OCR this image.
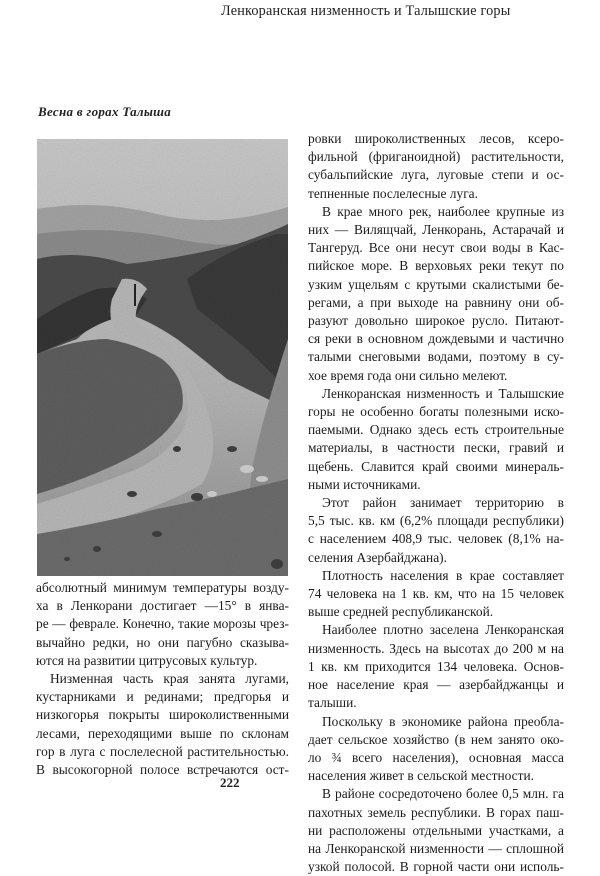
Ленкоранская низменность и Талышские горы
Весна в горах Талыша

абсолютный минимум температуры возду-
ха в Ленкорани достигает —15° в янва-
ре — феврале. Конечно, такие морозы чрез-
вычайно редки, но они пагубно сказыва-
ются на развитии цитрусовых культур.

Низменная часть края занята лугами,
кустарниками и рединами; предгорья и
низкогорья покрыты широколиственными
лесами, переходящими выше по склонам
гор в луга с послелесной растительностью.
В высокогорной полосе встречаются ост-

ровки широколиственных лесов, ксеро-
фильной (фриганоидной) растительности,
субальпийские луга, луговые степи и ос-
тепненные послелесные луга.

В крае много рек, наиболее крупные из
них — Вилящчай, Ленкорань, Астарачай и
Тангеруд. Все они несут свои воды в Кас-
пийское море. В верховьях реки текут по
узким ущельям с крутыми скалистыми бе-
регами, а при выходе на равнину они об-
разуют довольно широкое русло. Питают-
ся реки в основном дождевыми и частично
талыми снеговыми водами, поэтому в су-
хое время года они сильно мелеют.

Ленкоранская низменность и Талышские
горы не особенно богаты полезными иско-
паемыми. Однако здесь есть строительные
материалы, в частности пески, гравий и
щебень. Славится край своими минераль-
ными источниками.

Этот район занимает территорию в
5,5 тыс. кв. км (6,2% площади республики)
с населением 408,9 тыс. человек (8,1% на-
селения Азербайджана).

Плотность населения в крае составляет
74 человека на 1 кв. км, что на 15 человек
выше средней республиканской.

Наиболее плотно заселена Ленкоранская
низменность. Здесь на высотах до 200 м на
1 кв. км приходится 134 человека. Основ-
ное население края — азербайджанцы и
талыши.

Поскольку в экономике района преобла-
дает сельское хозяйство (в нем занято око-
ло ¾ всего населения), основная масса
населения живет в сельской местности.

В районе сосредоточено более 0,5 млн. га
пахотных земель республики. В горах паш-
ни расположены отдельными участками, а
на Ленкоранской низменности — сплошной
узкой полосой. В горной части они исполь-

222
